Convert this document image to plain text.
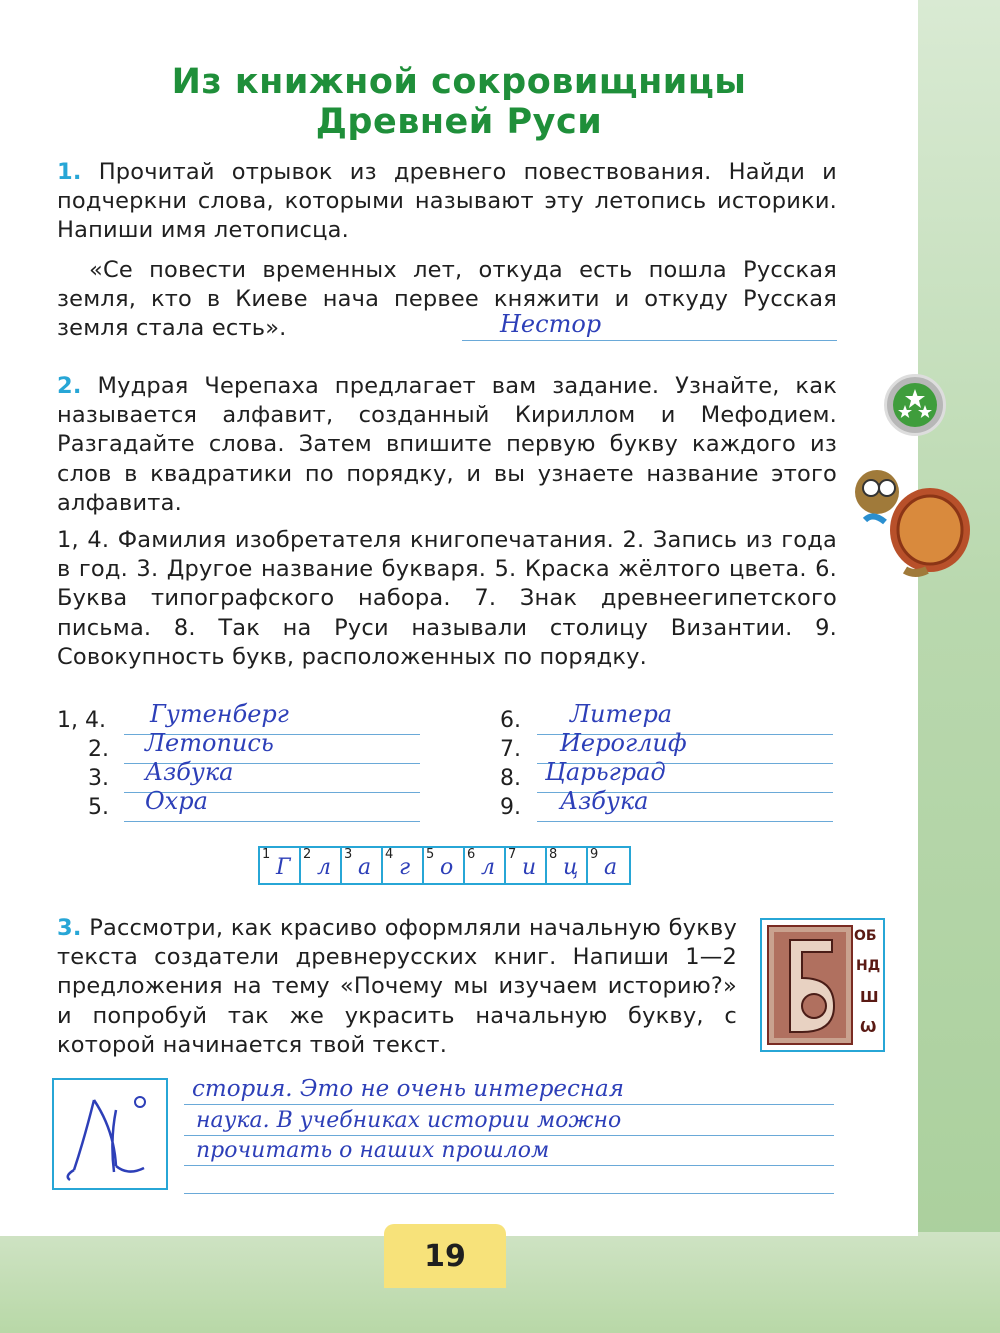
Из книжной сокровищницы
Древней Руси
1. Прочитай отрывок из древнего повествования. Найди и подчеркни слова, которыми называют эту летопись историки. Напиши имя летописца.
«Се повести временных лет, откуда есть пошла Русская земля, кто в Киеве нача первее княжити и откуду Русская земля стала есть».	Нестор
2. Мудрая Черепаха предлагает вам задание. Узнайте, как называется алфавит, созданный Кириллом и Мефодием. Разгадайте слова. Затем впишите первую букву каждого из слов в квадратики по порядку, и вы узнаете название этого алфавита.
1, 4. Фамилия изобретателя книгопечатания. 2. Запись из года в год. 3. Другое название букваря. 5. Краска жёлтого цвета. 6. Буква типографского набора. 7. Знак древнеегипетского письма. 8. Так на Руси называли столицу Византии. 9. Совокупность букв, расположенных по порядку.
1, 4. Гутенберг
2. Летопись
3. Азбука
5. Охра
6. Литера
7. Иероглиф
8. Царьград
9. Азбука
1
Г
2
л
3
а
4
г
5
о
6
л
7
и
8
ц
9
а
3. Рассмотри, как красиво оформляли начальную букву текста создатели древнерусских книг. Напиши 1—2 предложения на тему «Почему мы изучаем историю?» и попробуй так же украсить начальную букву, с которой начинается твой текст.
ОБ
НД
Ш
Ѡ
стория. Это не очень интересная
наука. В учебниках истории можно
прочитать о наших прошлом
19
